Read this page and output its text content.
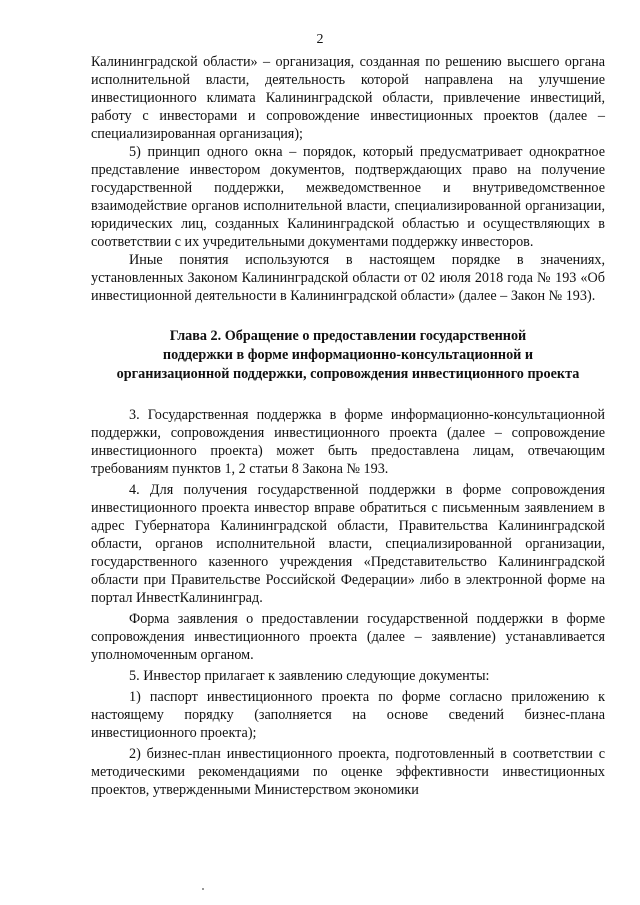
2

Калининградской области» – организация, созданная по решению высшего органа исполнительной власти, деятельность которой направлена на улучшение инвестиционного климата Калининградской области, привлечение инвестиций, работу с инвесторами и сопровождение инвестиционных проектов (далее – специализированная организация);

5) принцип одного окна – порядок, который предусматривает однократное представление инвестором документов, подтверждающих право на получение государственной поддержки, межведомственное и внутриведомственное взаимодействие органов исполнительной власти, специализированной организации, юридических лиц, созданных Калининградской областью и осуществляющих в соответствии с их учредительными документами поддержку инвесторов.

Иные понятия используются в настоящем порядке в значениях, установленных Законом Калининградской области от 02 июля 2018 года № 193 «Об инвестиционной деятельности в Калининградской области» (далее – Закон № 193).

Глава 2. Обращение о предоставлении государственной
поддержки в форме информационно-консультационной и
организационной поддержки, сопровождения инвестиционного проекта

3. Государственная поддержка в форме информационно-консультационной поддержки, сопровождения инвестиционного проекта (далее – сопровождение инвестиционного проекта) может быть предоставлена лицам, отвечающим требованиям пунктов 1, 2 статьи 8 Закона № 193.

4. Для получения государственной поддержки в форме сопровождения инвестиционного проекта инвестор вправе обратиться с письменным заявлением в адрес Губернатора Калининградской области, Правительства Калининградской области, органов исполнительной власти, специализированной организации, государственного казенного учреждения «Представительство Калининградской области при Правительстве Российской Федерации» либо в электронной форме на портал ИнвестКалининград.

Форма заявления о предоставлении государственной поддержки в форме сопровождения инвестиционного проекта (далее – заявление) устанавливается уполномоченным органом.

5. Инвестор прилагает к заявлению следующие документы:

1) паспорт инвестиционного проекта по форме согласно приложению к настоящему порядку (заполняется на основе сведений бизнес-плана инвестиционного проекта);

2) бизнес-план инвестиционного проекта, подготовленный в соответствии с методическими рекомендациями по оценке эффективности инвестиционных проектов, утвержденными Министерством экономики
